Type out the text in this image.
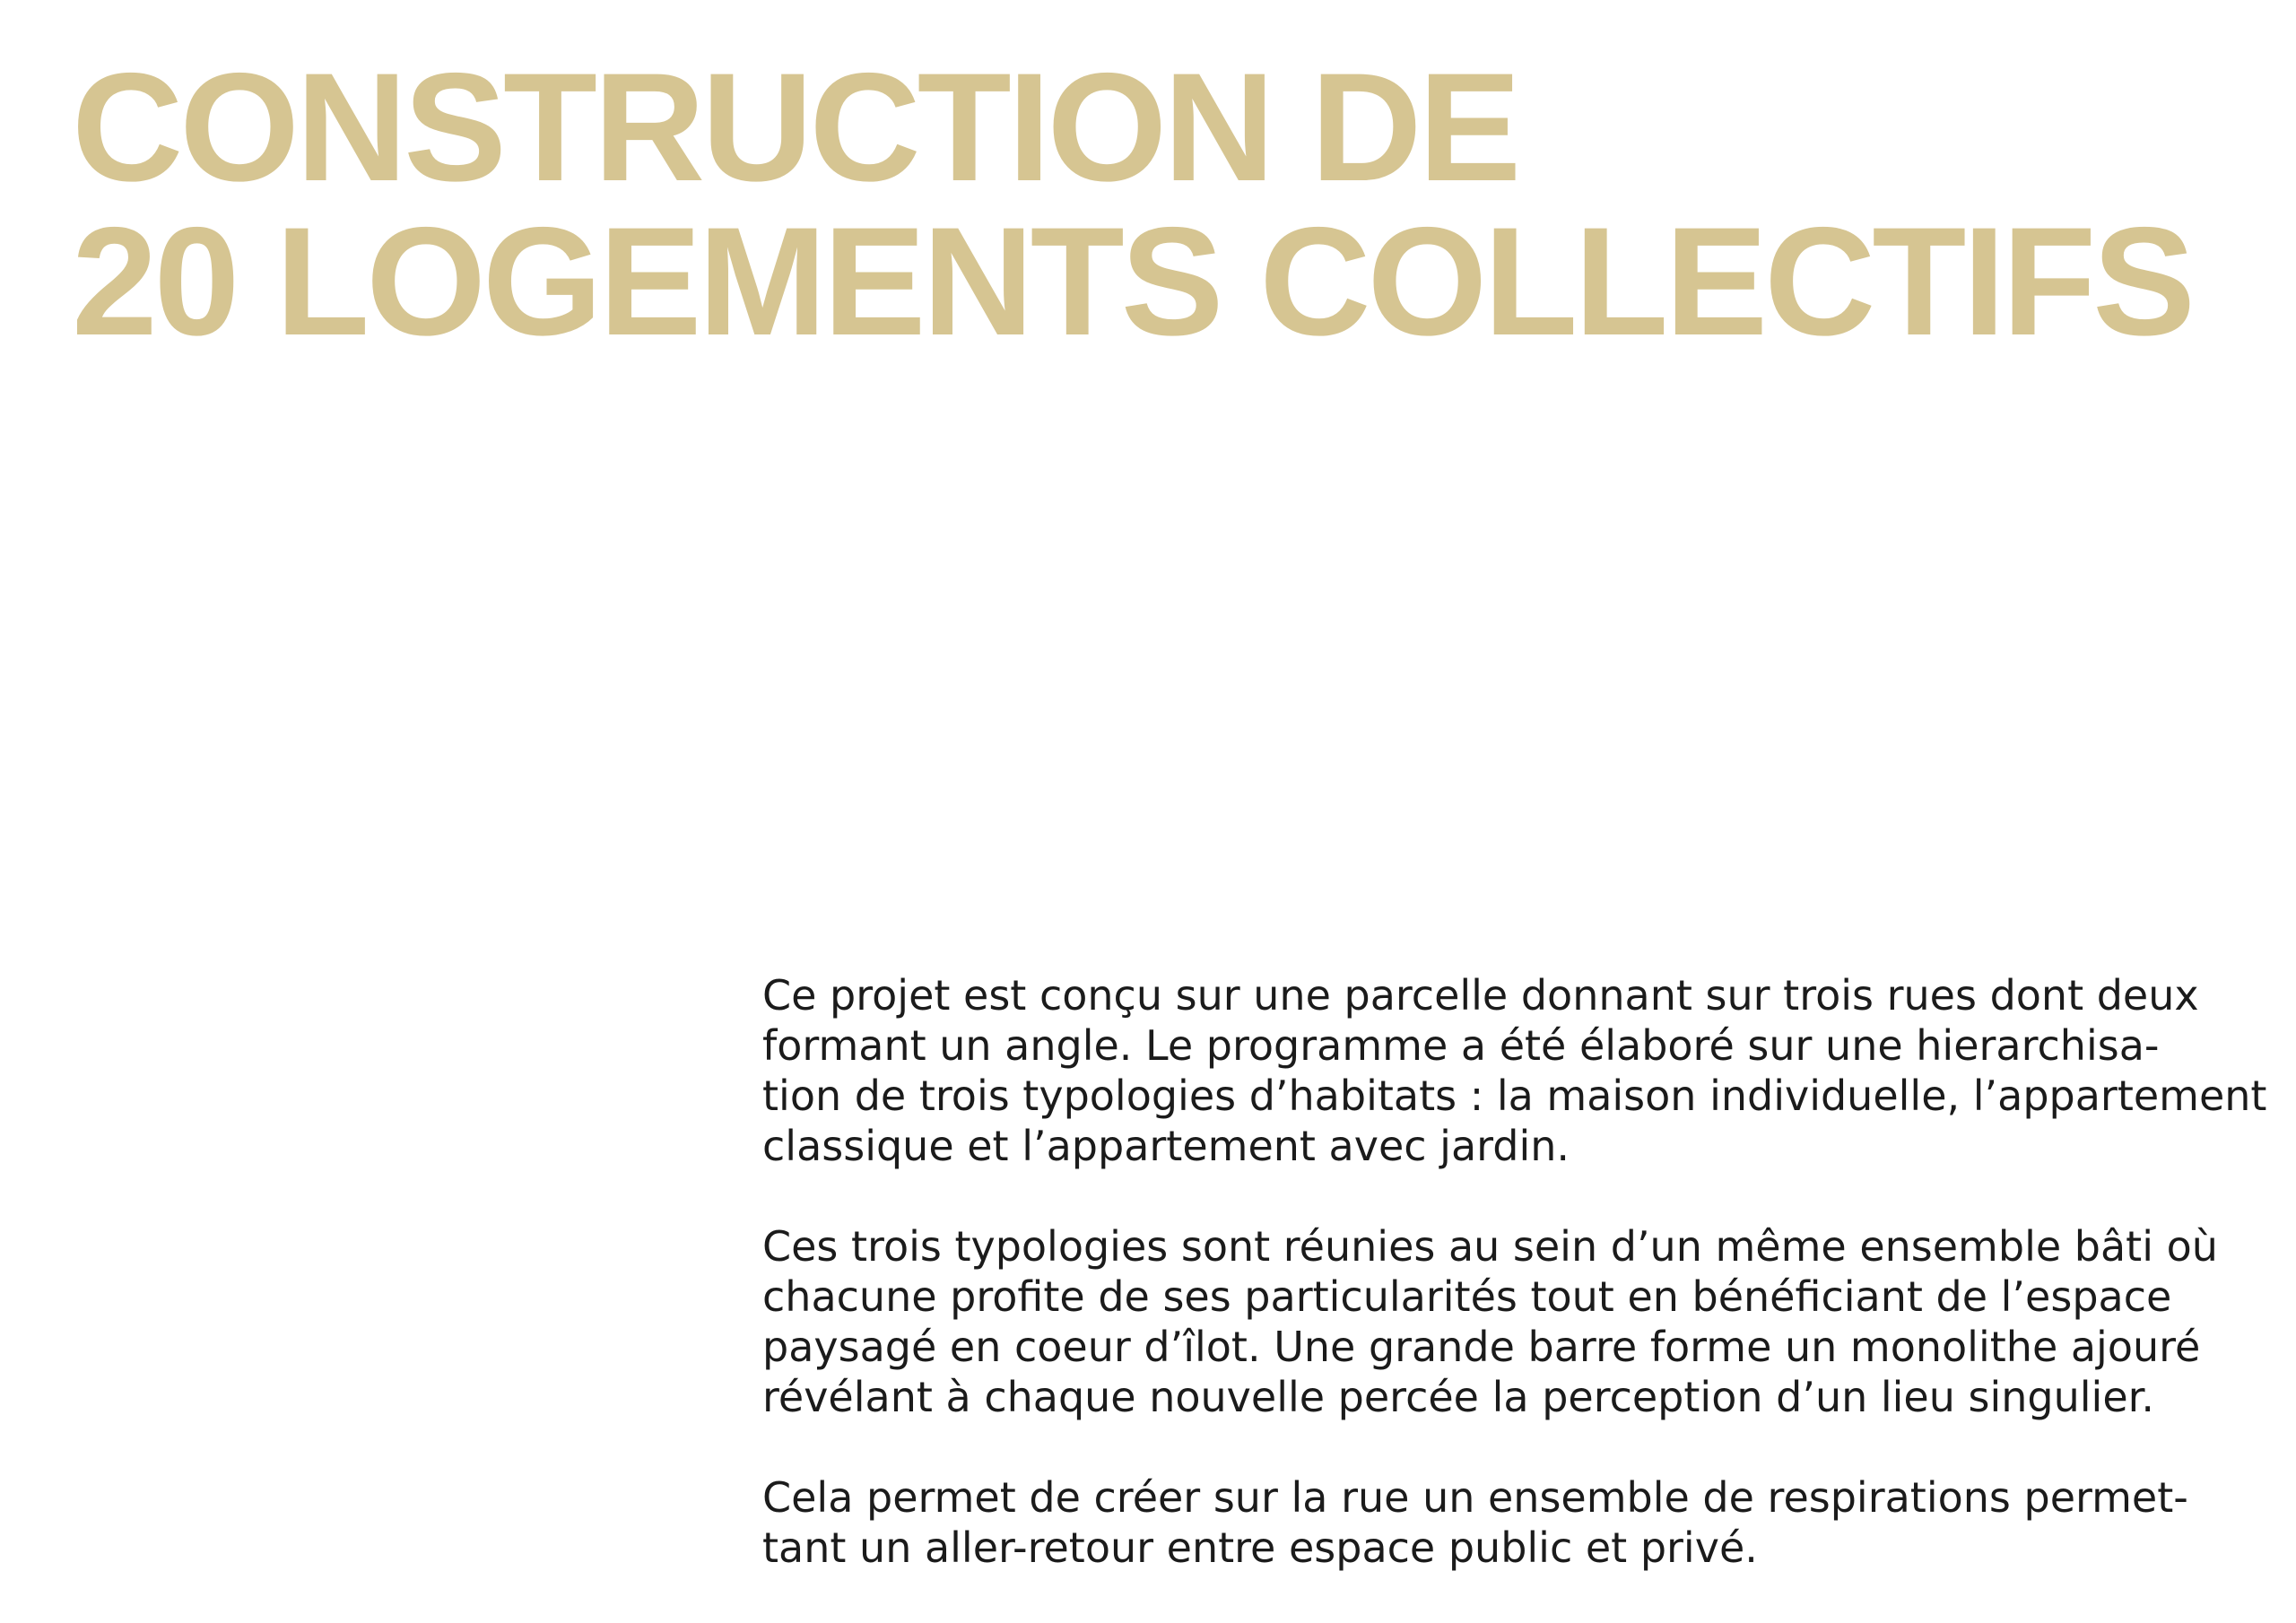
CONSTRUCTION DE
20 LOGEMENTS COLLECTIFS

Ce projet est conçu sur une parcelle donnant sur trois rues dont deux
formant un angle. Le programme a été élaboré sur une hierarchisa-
tion de trois typologies d’habitats : la maison individuelle, l’appartement
classique et l’appartement avec jardin.

Ces trois typologies sont réunies au sein d’un même ensemble bâti où
chacune profite de ses particularités tout en bénéficiant de l’espace
paysagé en coeur d’îlot. Une grande barre forme un monolithe ajouré
révélant à chaque nouvelle percée la perception d’un lieu singulier.

Cela permet de créer sur la rue un ensemble de respirations permet-
tant un aller-retour entre espace public et privé.
